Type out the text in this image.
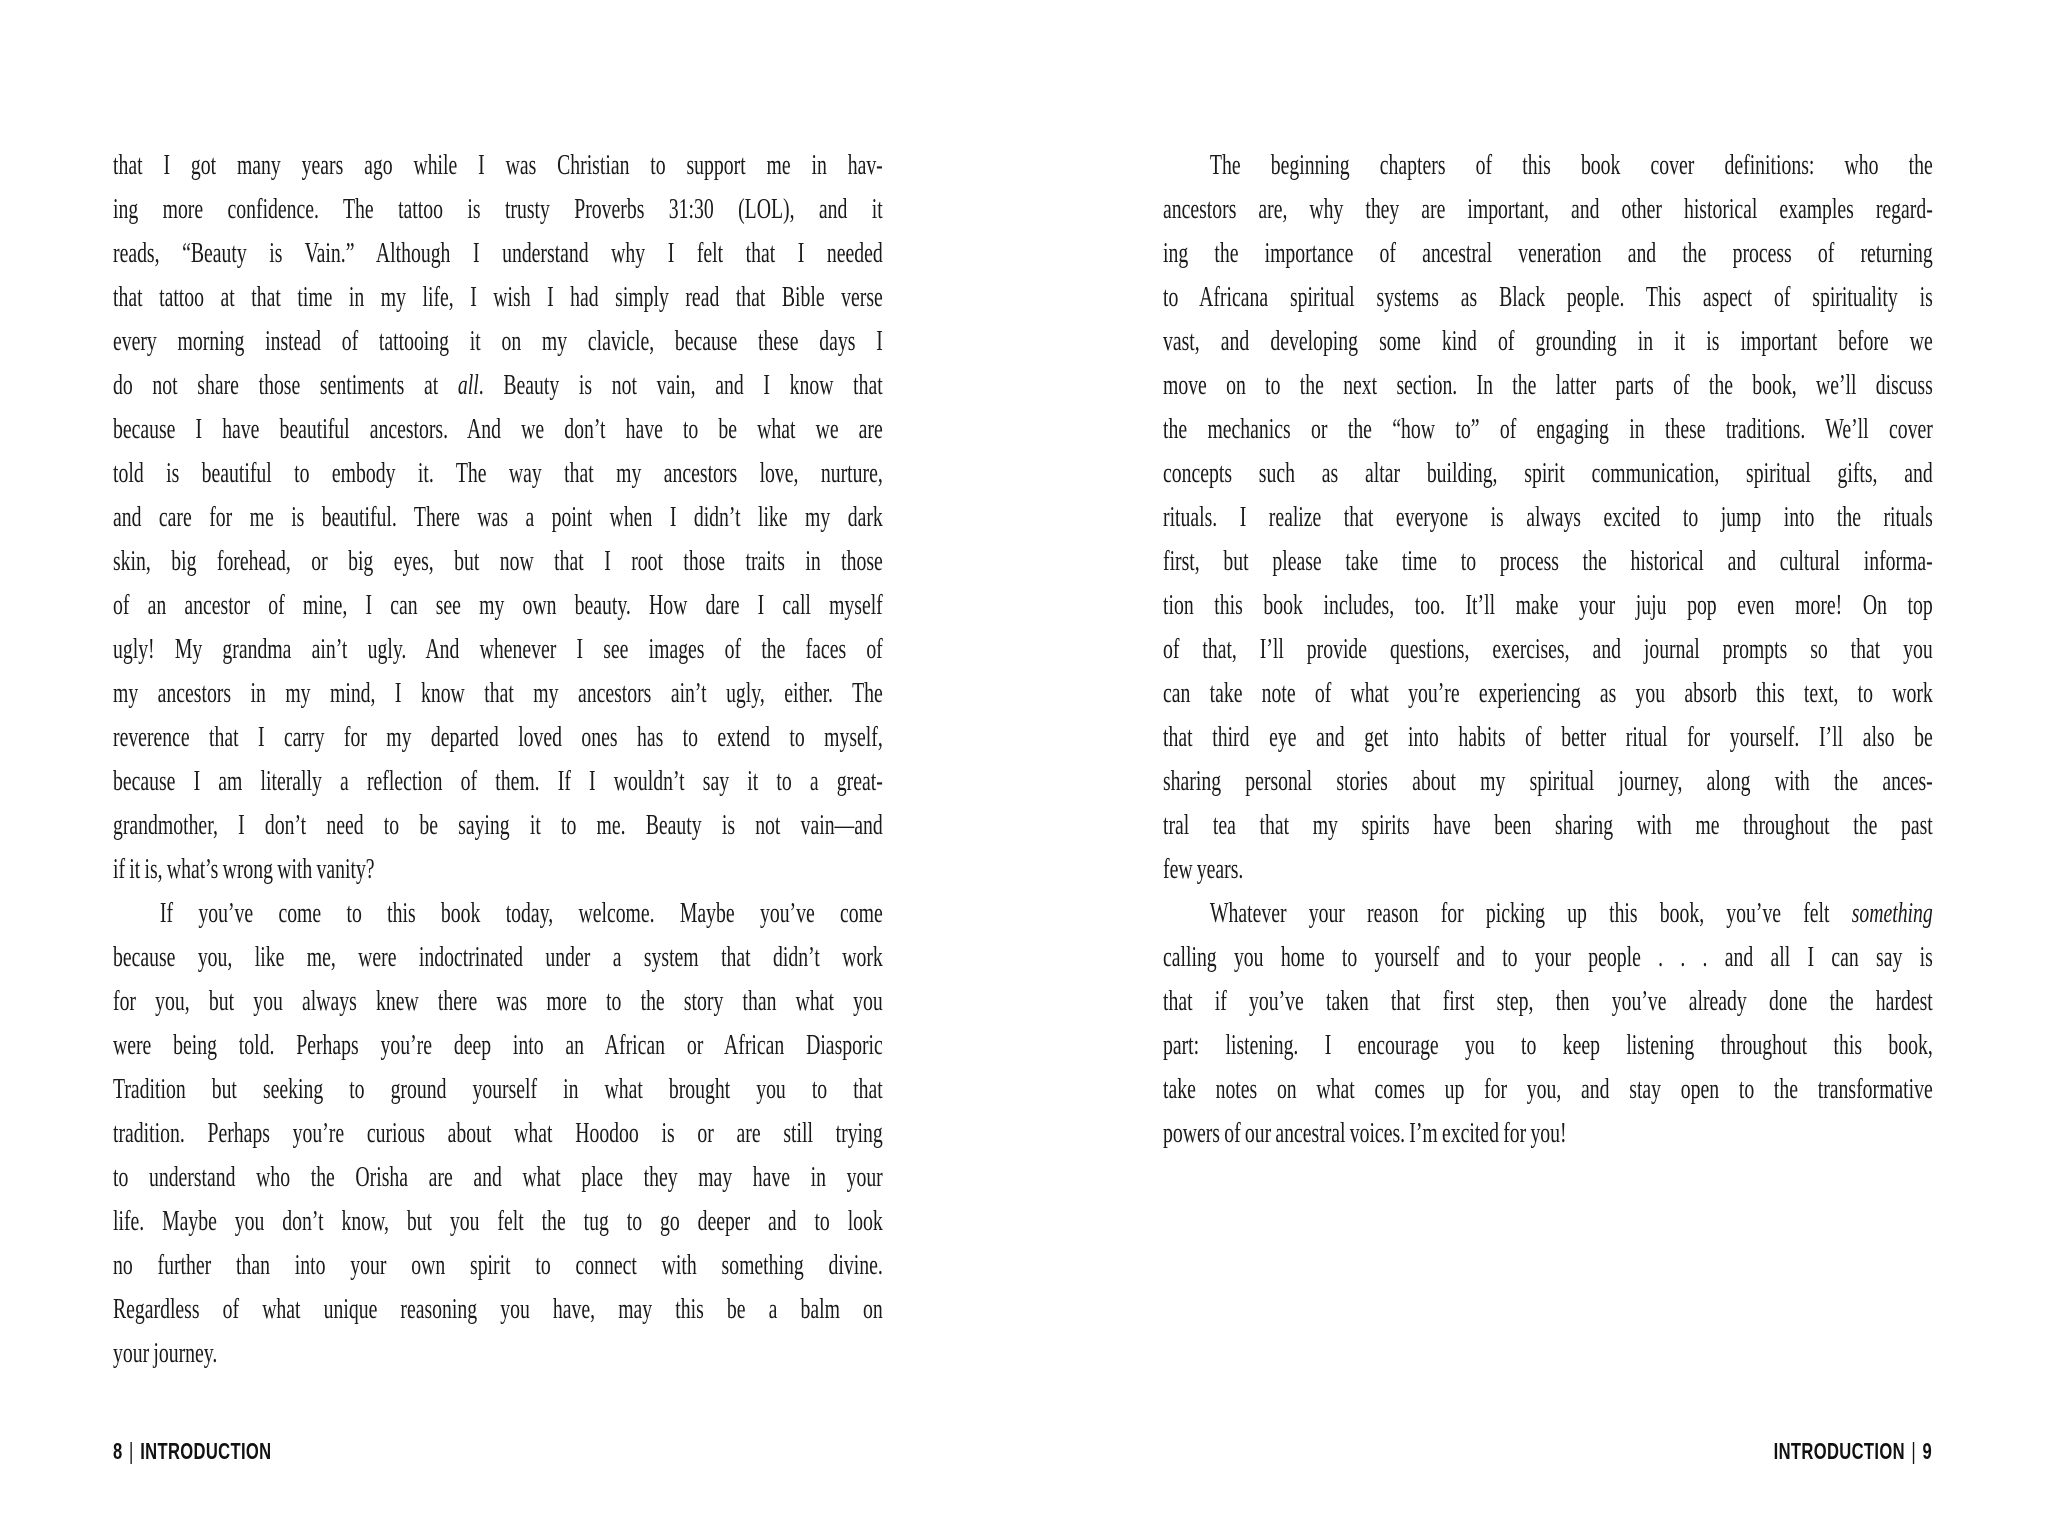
that I got many years ago while I was Christian to support me in hav-
ing more confidence. The tattoo is trusty Proverbs 31:30 (LOL), and it
reads, “Beauty is Vain.” Although I understand why I felt that I needed
that tattoo at that time in my life, I wish I had simply read that Bible verse
every morning instead of tattooing it on my clavicle, because these days I
do not share those sentiments at all. Beauty is not vain, and I know that
because I have beautiful ancestors. And we don’t have to be what we are
told is beautiful to embody it. The way that my ancestors love, nurture,
and care for me is beautiful. There was a point when I didn’t like my dark
skin, big forehead, or big eyes, but now that I root those traits in those
of an ancestor of mine, I can see my own beauty. How dare I call myself
ugly! My grandma ain’t ugly. And whenever I see images of the faces of
my ancestors in my mind, I know that my ancestors ain’t ugly, either. The
reverence that I carry for my departed loved ones has to extend to myself,
because I am literally a reflection of them. If I wouldn’t say it to a great-
grandmother, I don’t need to be saying it to me. Beauty is not vain—and
if it is, what’s wrong with vanity?
If you’ve come to this book today, welcome. Maybe you’ve come
because you, like me, were indoctrinated under a system that didn’t work
for you, but you always knew there was more to the story than what you
were being told. Perhaps you’re deep into an African or African Diasporic
Tradition but seeking to ground yourself in what brought you to that
tradition. Perhaps you’re curious about what Hoodoo is or are still trying
to understand who the Orisha are and what place they may have in your
life. Maybe you don’t know, but you felt the tug to go deeper and to look
no further than into your own spirit to connect with something divine.
Regardless of what unique reasoning you have, may this be a balm on
your journey.
8 | INTRODUCTION
The beginning chapters of this book cover definitions: who the
ancestors are, why they are important, and other historical examples regard-
ing the importance of ancestral veneration and the process of returning
to Africana spiritual systems as Black people. This aspect of spirituality is
vast, and developing some kind of grounding in it is important before we
move on to the next section. In the latter parts of the book, we’ll discuss
the mechanics or the “how to” of engaging in these traditions. We’ll cover
concepts such as altar building, spirit communication, spiritual gifts, and
rituals. I realize that everyone is always excited to jump into the rituals
first, but please take time to process the historical and cultural informa-
tion this book includes, too. It’ll make your juju pop even more! On top
of that, I’ll provide questions, exercises, and journal prompts so that you
can take note of what you’re experiencing as you absorb this text, to work
that third eye and get into habits of better ritual for yourself. I’ll also be
sharing personal stories about my spiritual journey, along with the ances-
tral tea that my spirits have been sharing with me throughout the past
few years.
Whatever your reason for picking up this book, you’ve felt something
calling you home to yourself and to your people . . . and all I can say is
that if you’ve taken that first step, then you’ve already done the hardest
part: listening. I encourage you to keep listening throughout this book,
take notes on what comes up for you, and stay open to the transformative
powers of our ancestral voices. I’m excited for you!
INTRODUCTION | 9
